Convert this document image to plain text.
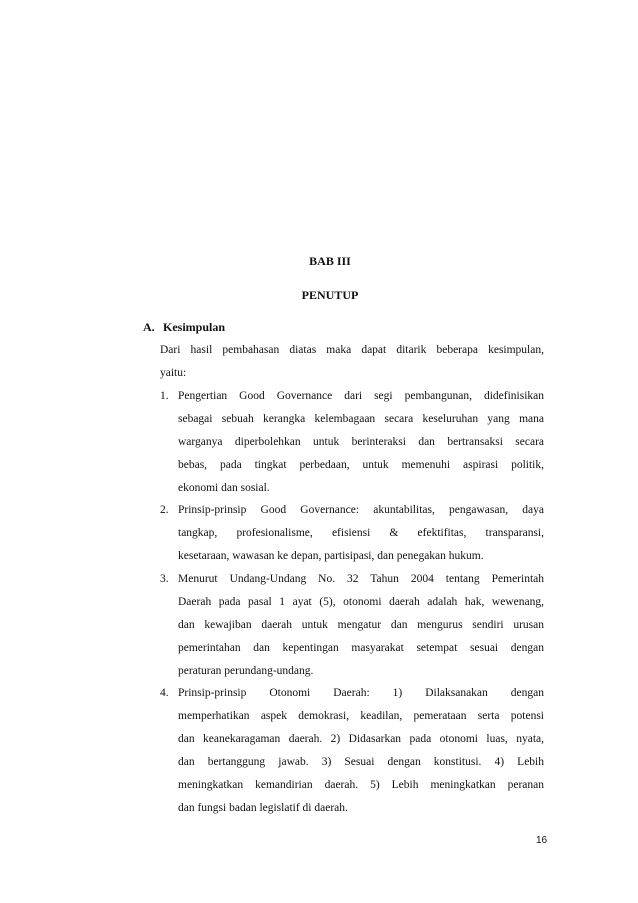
BAB III
PENUTUP
A. Kesimpulan
Dari hasil pembahasan diatas maka dapat ditarik beberapa kesimpulan,
yaitu:
1. Pengertian Good Governance dari segi pembangunan, didefinisikan
sebagai sebuah kerangka kelembagaan secara keseluruhan yang mana
warganya diperbolehkan untuk berinteraksi dan bertransaksi secara
bebas, pada tingkat perbedaan, untuk memenuhi aspirasi politik,
ekonomi dan sosial.
2. Prinsip-prinsip Good Governance: akuntabilitas, pengawasan, daya
tangkap, profesionalisme, efisiensi & efektifitas, transparansi,
kesetaraan, wawasan ke depan, partisipasi, dan penegakan hukum.
3. Menurut Undang-Undang No. 32 Tahun 2004 tentang Pemerintah
Daerah pada pasal 1 ayat (5), otonomi daerah adalah hak, wewenang,
dan kewajiban daerah untuk mengatur dan mengurus sendiri urusan
pemerintahan dan kepentingan masyarakat setempat sesuai dengan
peraturan perundang-undang.
4. Prinsip-prinsip Otonomi Daerah: 1) Dilaksanakan dengan
memperhatikan aspek demokrasi, keadilan, pemerataan serta potensi
dan keanekaragaman daerah. 2) Didasarkan pada otonomi luas, nyata,
dan bertanggung jawab. 3) Sesuai dengan konstitusi. 4) Lebih
meningkatkan kemandirian daerah. 5) Lebih meningkatkan peranan
dan fungsi badan legislatif di daerah.
16
